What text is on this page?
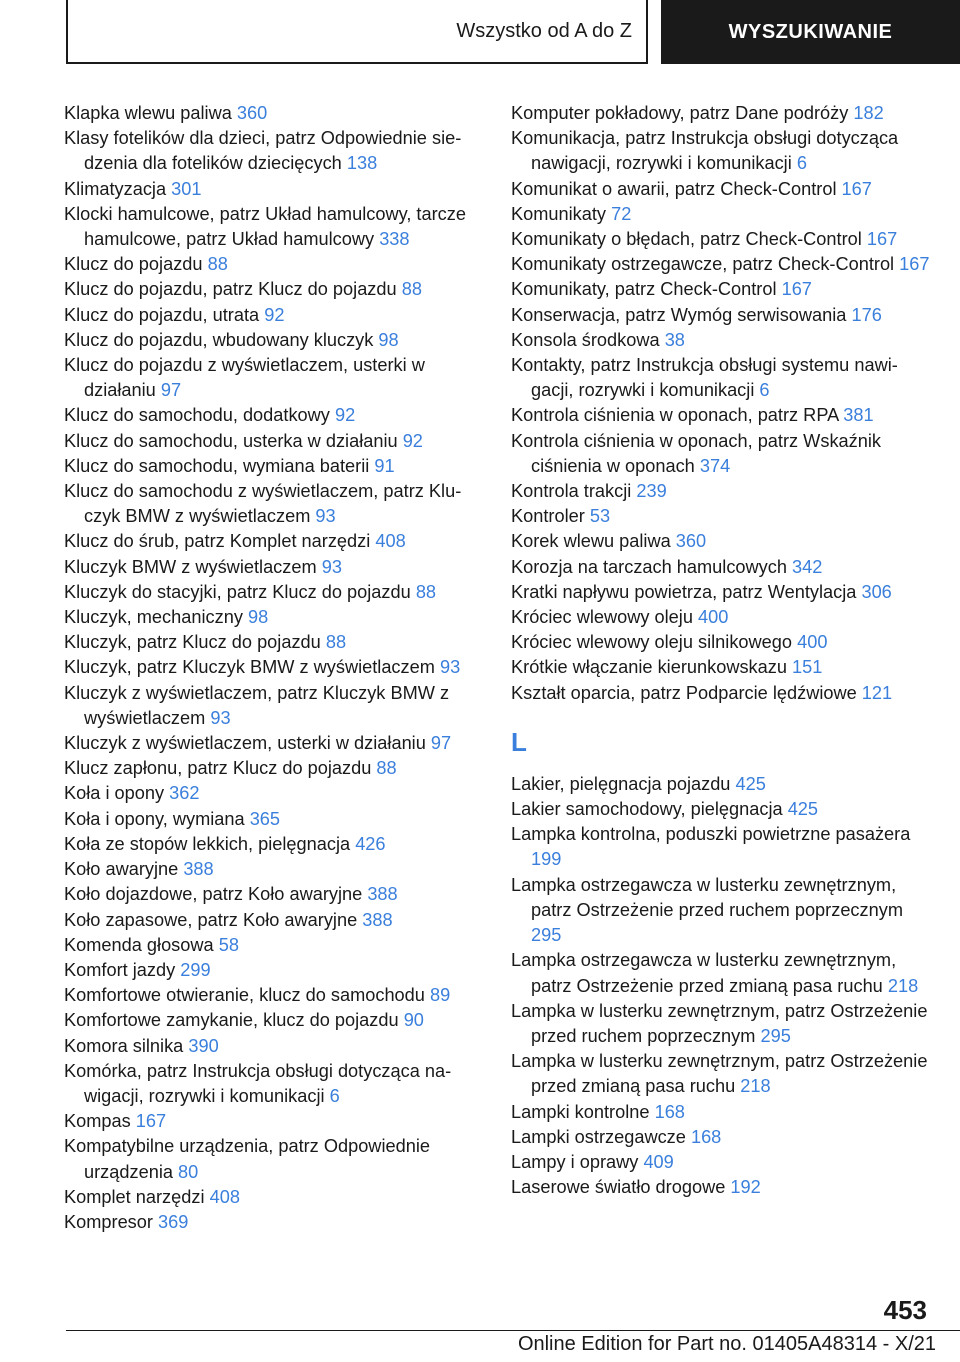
Wszystko od A do Z	WYSZUKIWANIE

Klapka wlewu paliwa 360

Klasy fotelików dla dzieci, patrz Odpowiednie siedzenia dla fotelików dziecięcych 138

Klimatyzacja 301

Klocki hamulcowe, patrz Układ hamulcowy, tarcze hamulcowe, patrz Układ hamulcowy 338

Klucz do pojazdu 88

Klucz do pojazdu, patrz Klucz do pojazdu 88

Klucz do pojazdu, utrata 92

Klucz do pojazdu, wbudowany kluczyk 98

Klucz do pojazdu z wyświetlaczem, usterki w działaniu 97

Klucz do samochodu, dodatkowy 92

Klucz do samochodu, usterka w działaniu 92

Klucz do samochodu, wymiana baterii 91

Klucz do samochodu z wyświetlaczem, patrz Kluczyk BMW z wyświetlaczem 93

Klucz do śrub, patrz Komplet narzędzi 408

Kluczyk BMW z wyświetlaczem 93

Kluczyk do stacyjki, patrz Klucz do pojazdu 88

Kluczyk, mechaniczny 98

Kluczyk, patrz Klucz do pojazdu 88

Kluczyk, patrz Kluczyk BMW z wyświetlaczem 93

Kluczyk z wyświetlaczem, patrz Kluczyk BMW z wyświetlaczem 93

Kluczyk z wyświetlaczem, usterki w działaniu 97

Klucz zapłonu, patrz Klucz do pojazdu 88

Koła i opony 362

Koła i opony, wymiana 365

Koła ze stopów lekkich, pielęgnacja 426

Koło awaryjne 388

Koło dojazdowe, patrz Koło awaryjne 388

Koło zapasowe, patrz Koło awaryjne 388

Komenda głosowa 58

Komfort jazdy 299

Komfortowe otwieranie, klucz do samochodu 89

Komfortowe zamykanie, klucz do pojazdu 90

Komora silnika 390

Komórka, patrz Instrukcja obsługi dotycząca nawigacji, rozrywki i komunikacji 6

Kompas 167

Kompatybilne urządzenia, patrz Odpowiednie urządzenia 80

Komplet narzędzi 408

Kompresor 369

Komputer pokładowy, patrz Dane podróży 182

Komunikacja, patrz Instrukcja obsługi dotycząca nawigacji, rozrywki i komunikacji 6

Komunikat o awarii, patrz Check-Control 167

Komunikaty 72

Komunikaty o błędach, patrz Check-Control 167

Komunikaty ostrzegawcze, patrz Check-Control 167

Komunikaty, patrz Check-Control 167

Konserwacja, patrz Wymóg serwisowania 176

Konsola środkowa 38

Kontakty, patrz Instrukcja obsługi systemu nawigacji, rozrywki i komunikacji 6

Kontrola ciśnienia w oponach, patrz RPA 381

Kontrola ciśnienia w oponach, patrz Wskaźnik ciśnienia w oponach 374

Kontrola trakcji 239

Kontroler 53

Korek wlewu paliwa 360

Korozja na tarczach hamulcowych 342

Kratki napływu powietrza, patrz Wentylacja 306

Króciec wlewowy oleju 400

Króciec wlewowy oleju silnikowego 400

Krótkie włączanie kierunkowskazu 151

Kształt oparcia, patrz Podparcie lędźwiowe 121

L

Lakier, pielęgnacja pojazdu 425

Lakier samochodowy, pielęgnacja 425

Lampka kontrolna, poduszki powietrzne pasażera 199

Lampka ostrzegawcza w lusterku zewnętrznym, patrz Ostrzeżenie przed ruchem poprzecznym 295

Lampka ostrzegawcza w lusterku zewnętrznym, patrz Ostrzeżenie przed zmianą pasa ruchu 218

Lampka w lusterku zewnętrznym, patrz Ostrzeżenie przed ruchem poprzecznym 295

Lampka w lusterku zewnętrznym, patrz Ostrzeżenie przed zmianą pasa ruchu 218

Lampki kontrolne 168

Lampki ostrzegawcze 168

Lampy i oprawy 409

Laserowe światło drogowe 192

453
Online Edition for Part no. 01405A48314 - X/21
